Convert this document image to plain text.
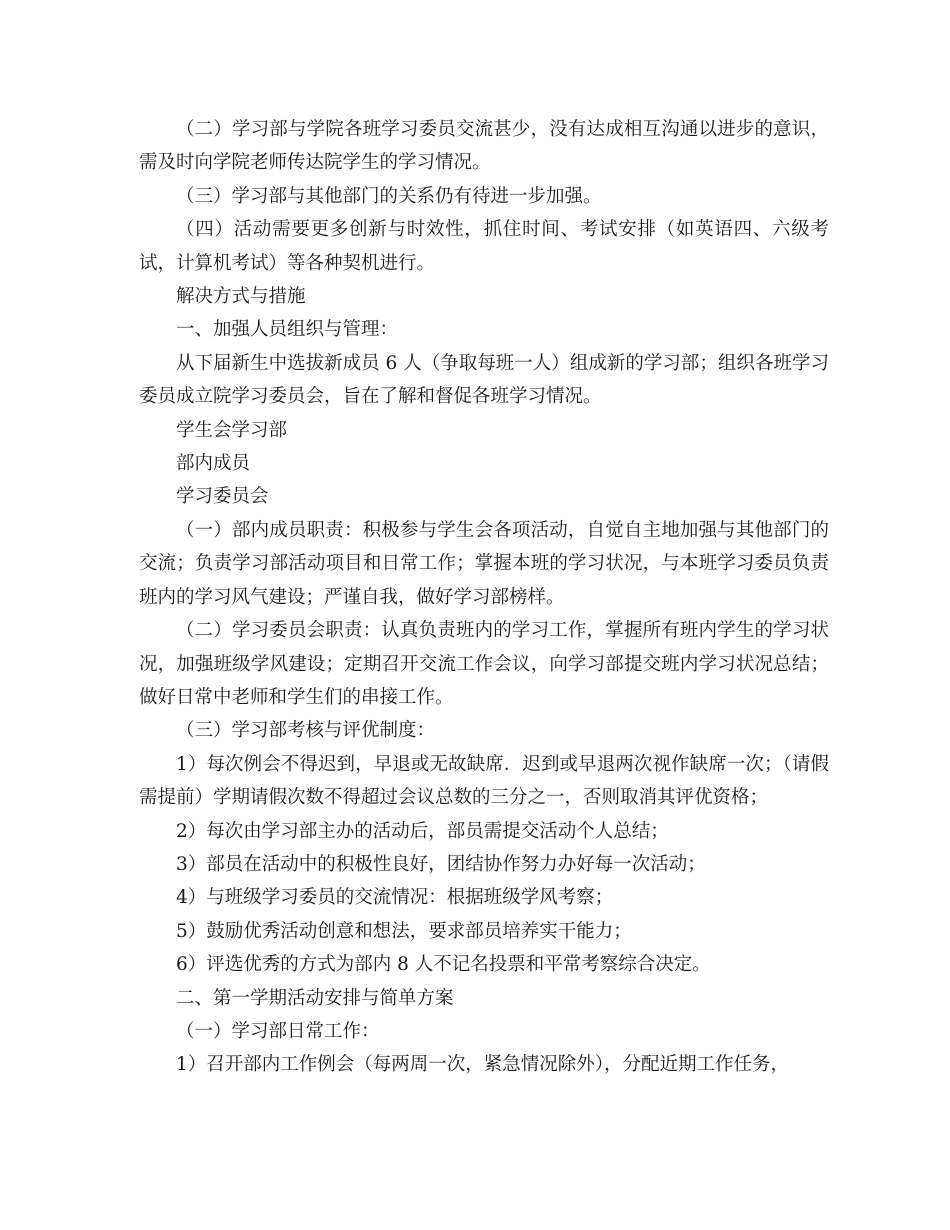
（二）学习部与学院各班学习委员交流甚少，没有达成相互沟通以进步的意识，需及时向学院老师传达院学生的学习情况。

（三）学习部与其他部门的关系仍有待进一步加强。

（四）活动需要更多创新与时效性，抓住时间、考试安排（如英语四、六级考试，计算机考试）等各种契机进行。

解决方式与措施

一、加强人员组织与管理：

从下届新生中选拔新成员 6 人（争取每班一人）组成新的学习部；组织各班学习委员成立院学习委员会，旨在了解和督促各班学习情况。

学生会学习部

部内成员

学习委员会

（一）部内成员职责：积极参与学生会各项活动，自觉自主地加强与其他部门的交流；负责学习部活动项目和日常工作；掌握本班的学习状况，与本班学习委员负责班内的学习风气建设；严谨自我，做好学习部榜样。

（二）学习委员会职责：认真负责班内的学习工作，掌握所有班内学生的学习状况，加强班级学风建设；定期召开交流工作会议，向学习部提交班内学习状况总结；做好日常中老师和学生们的串接工作。

（三）学习部考核与评优制度：

1）每次例会不得迟到，早退或无故缺席．迟到或早退两次视作缺席一次；（请假需提前）学期请假次数不得超过会议总数的三分之一，否则取消其评优资格；

2）每次由学习部主办的活动后，部员需提交活动个人总结；

3）部员在活动中的积极性良好，团结协作努力办好每一次活动；

4）与班级学习委员的交流情况：根据班级学风考察；

5）鼓励优秀活动创意和想法，要求部员培养实干能力；

6）评选优秀的方式为部内 8 人不记名投票和平常考察综合决定。

二、第一学期活动安排与简单方案

（一）学习部日常工作：

1）召开部内工作例会（每两周一次，紧急情况除外），分配近期工作任务，
